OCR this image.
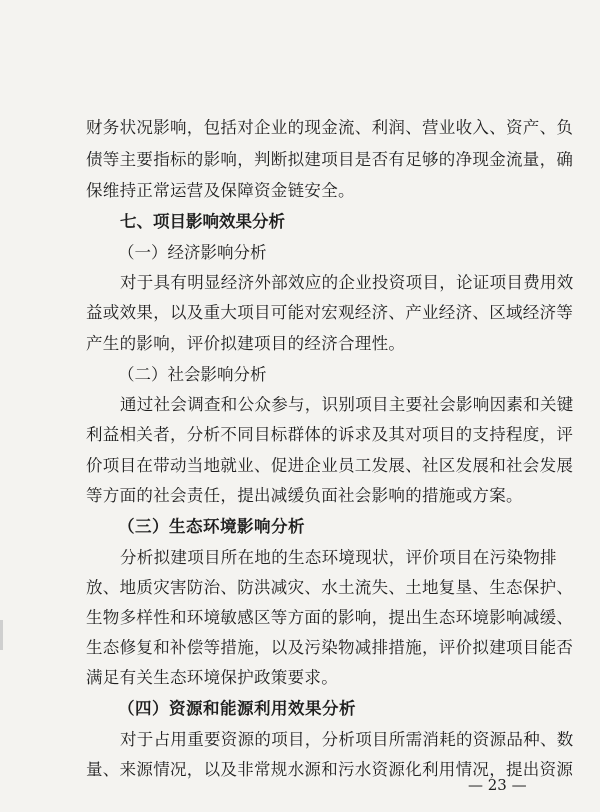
财务状况影响，包括对企业的现金流、利润、营业收入、资产、负
债等主要指标的影响，判断拟建项目是否有足够的净现金流量，确
保维持正常运营及保障资金链安全。
七、项目影响效果分析
（一）经济影响分析
对于具有明显经济外部效应的企业投资项目，论证项目费用效
益或效果，以及重大项目可能对宏观经济、产业经济、区域经济等
产生的影响，评价拟建项目的经济合理性。
（二）社会影响分析
通过社会调查和公众参与，识别项目主要社会影响因素和关键
利益相关者，分析不同目标群体的诉求及其对项目的支持程度，评
价项目在带动当地就业、促进企业员工发展、社区发展和社会发展
等方面的社会责任，提出减缓负面社会影响的措施或方案。
（三）生态环境影响分析
分析拟建项目所在地的生态环境现状，评价项目在污染物排
放、地质灾害防治、防洪减灾、水土流失、土地复垦、生态保护、
生物多样性和环境敏感区等方面的影响，提出生态环境影响减缓、
生态修复和补偿等措施，以及污染物减排措施，评价拟建项目能否
满足有关生态环境保护政策要求。
（四）资源和能源利用效果分析
对于占用重要资源的项目，分析项目所需消耗的资源品种、数
量、来源情况，以及非常规水源和污水资源化利用情况，提出资源
— 23 —
